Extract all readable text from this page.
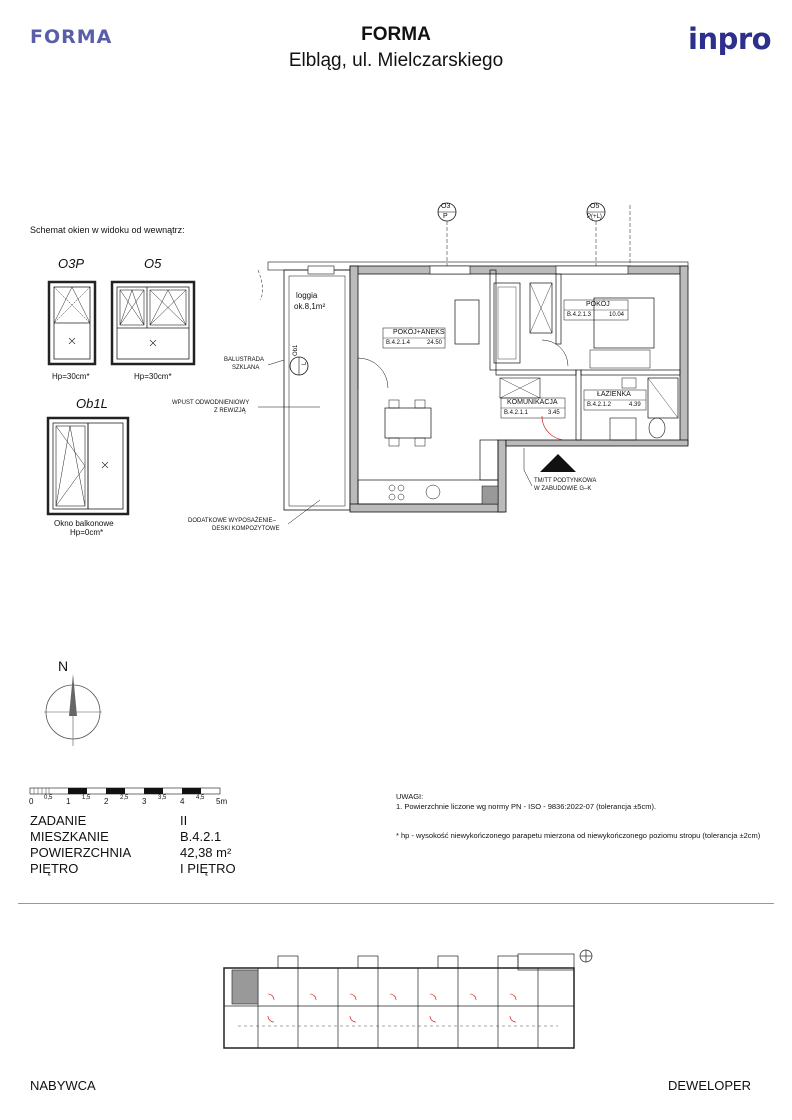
FORMA	FORMA
Elbląg, ul. Mielczarskiego
inpro
Schemat okien w widoku od wewnątrz:
O3P	O5
Hp=30cm*	Hp=30cm*
Ob1L
Okno balkonowe
Hp=0cm*
O3
P
O5
P(+L)
Ob1
L
loggia
ok.8,1m²
POKÓJ+ANEKS
B.4.2.1.4	24.50
POKÓJ
B.4.2.1.3	10.04
KOMUNIKACJA
B.4.2.1.1	3.45
ŁAZIENKA
B.4.2.1.2	4.39
BALUSTRADA
SZKLANA
WPUST ODWODNIENIOWY
Z REWIZJĄ
DODATKOWE WYPOSAŻENIE–
DESKI KOMPOZYTOWE
TM/TT PODTYNKOWA
W ZABUDOWIE G–K
N
0 0,5 1 1,5 2 2,5 3 3,5 4 4,5 5m
ZADANIE	II
MIESZKANIE	B.4.2.1
POWIERZCHNIA	42,38 m²
PIĘTRO	I PIĘTRO
UWAGI:
1. Powierzchnie liczone wg normy PN - ISO - 9836:2022-07 (tolerancja ±5cm).
* hp - wysokość niewykończonego parapetu mierzona od niewykończonego poziomu stropu (tolerancja ±2cm)
NABYWCA	DEWELOPER
